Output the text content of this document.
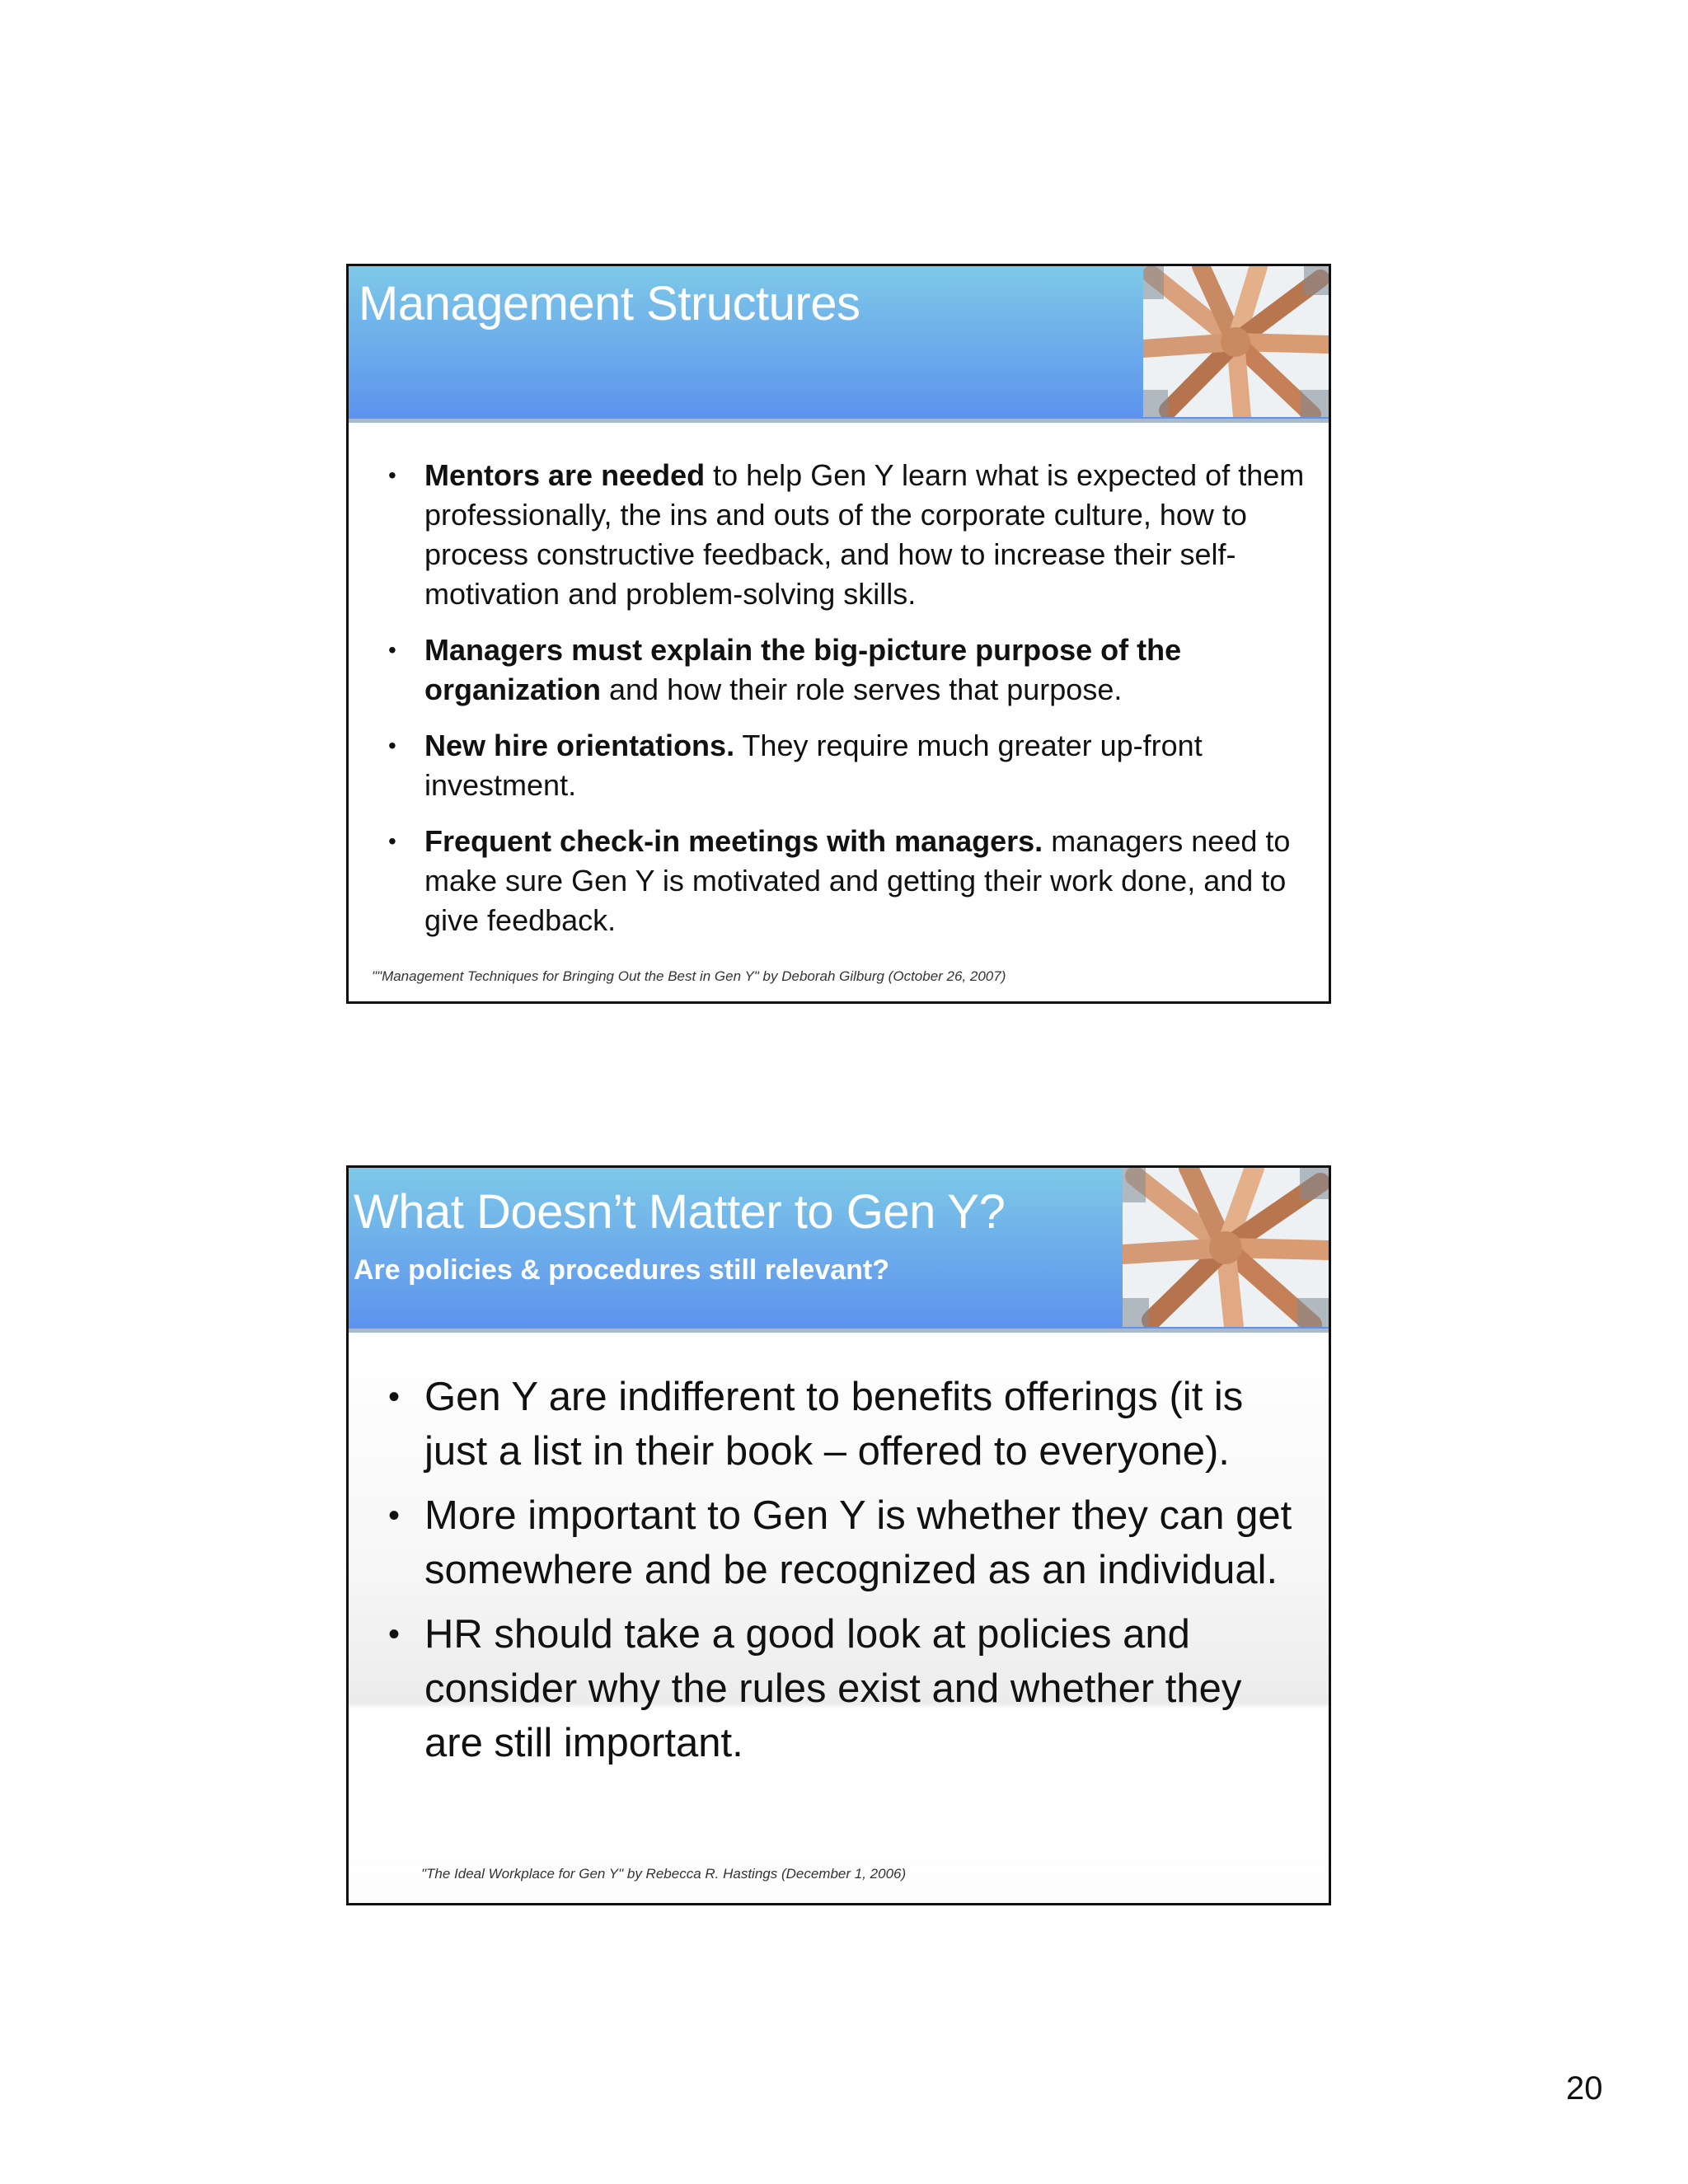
Management Structures
• Mentors are needed to help Gen Y learn what is expected of them professionally, the ins and outs of the corporate culture, how to process constructive feedback, and how to increase their self-motivation and problem-solving skills.
• Managers must explain the big-picture purpose of the organization and how their role serves that purpose.
• New hire orientations. They require much greater up-front investment.
• Frequent check-in meetings with managers. managers need to make sure Gen Y is motivated and getting their work done, and to give feedback.
""Management Techniques for Bringing Out the Best in Gen Y" by Deborah Gilburg (October 26, 2007)
What Doesn’t Matter to Gen Y?
Are policies & procedures still relevant?
• Gen Y are indifferent to benefits offerings (it is just a list in their book – offered to everyone).
• More important to Gen Y is whether they can get somewhere and be recognized as an individual.
• HR should take a good look at policies and consider why the rules exist and whether they are still important.
"The Ideal Workplace for Gen Y" by Rebecca R. Hastings (December 1, 2006)
20
